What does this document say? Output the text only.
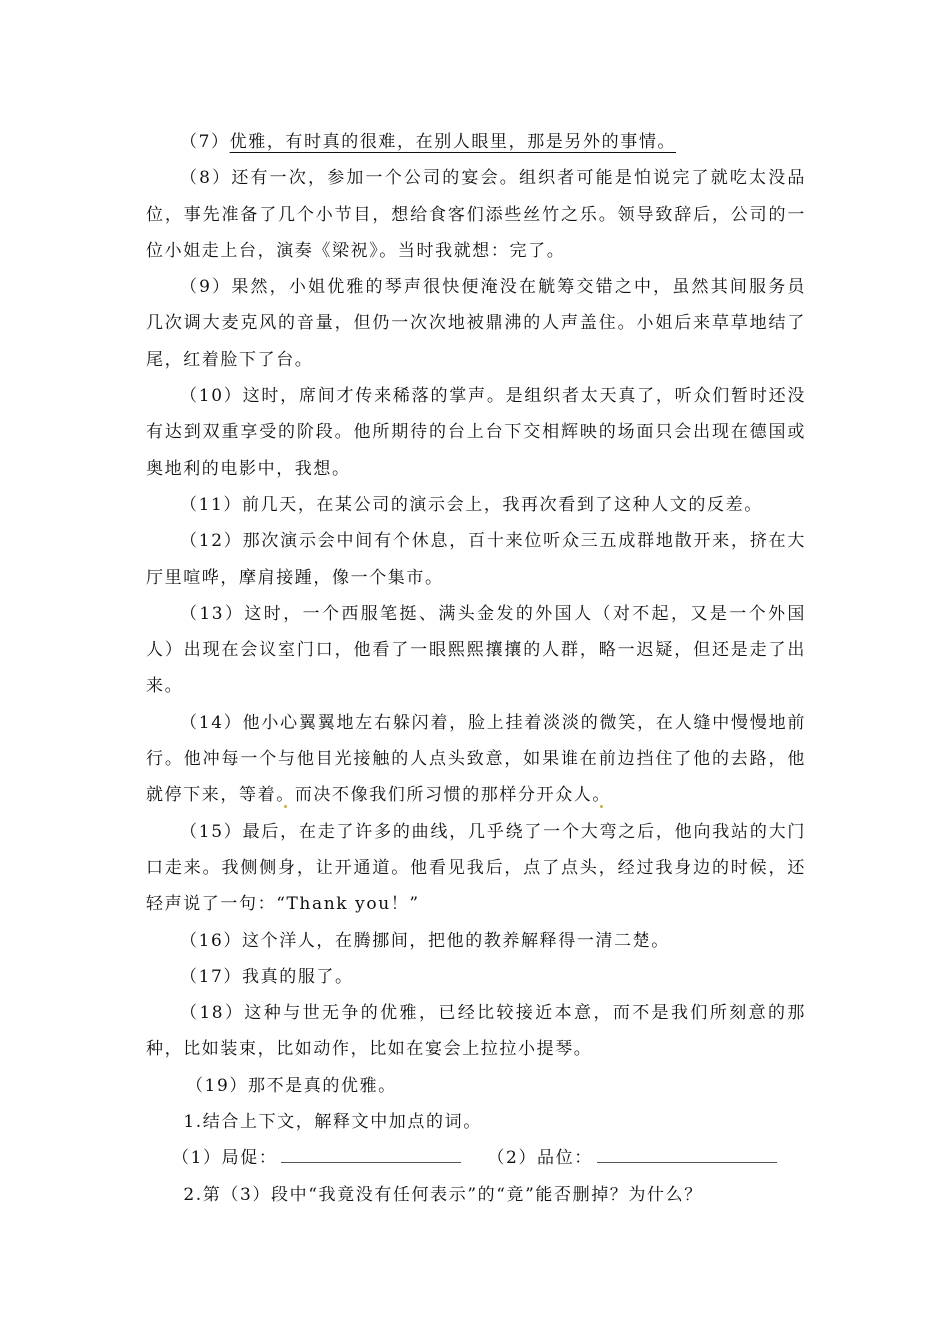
（7）优雅，有时真的很难，在别人眼里，那是另外的事情。

（8）还有一次，参加一个公司的宴会。组织者可能是怕说完了就吃太没品位，事先准备了几个小节目，想给食客们添些丝竹之乐。领导致辞后，公司的一位小姐走上台，演奏《梁祝》。当时我就想：完了。

（9）果然，小姐优雅的琴声很快便淹没在觥筹交错之中，虽然其间服务员几次调大麦克风的音量，但仍一次次地被鼎沸的人声盖住。小姐后来草草地结了尾，红着脸下了台。

（10）这时，席间才传来稀落的掌声。是组织者太天真了，听众们暂时还没有达到双重享受的阶段。他所期待的台上台下交相辉映的场面只会出现在德国或奥地利的电影中，我想。

（11）前几天，在某公司的演示会上，我再次看到了这种人文的反差。

（12）那次演示会中间有个休息，百十来位听众三五成群地散开来，挤在大厅里喧哗，摩肩接踵，像一个集市。

（13）这时，一个西服笔挺、满头金发的外国人（对不起，又是一个外国人）出现在会议室门口，他看了一眼熙熙攘攘的人群，略一迟疑，但还是走了出来。

（14）他小心翼翼地左右躲闪着，脸上挂着淡淡的微笑，在人缝中慢慢地前行。他冲每一个与他目光接触的人点头致意，如果谁在前边挡住了他的去路，他就停下来，等着。而决不像我们所习惯的那样分开众人。

（15）最后，在走了许多的曲线，几乎绕了一个大弯之后，他向我站的大门口走来。我侧侧身，让开通道。他看见我后，点了点头，经过我身边的时候，还轻声说了一句：“Thank you！”

（16）这个洋人，在腾挪间，把他的教养解释得一清二楚。

（17）我真的服了。

（18）这种与世无争的优雅，已经比较接近本意，而不是我们所刻意的那种，比如装束，比如动作，比如在宴会上拉拉小提琴。

（19）那不是真的优雅。

1.结合上下文，解释文中加点的词。

（1）局促：	（2）品位：

2.第（3）段中“我竟没有任何表示”的“竟”能否删掉？为什么？
